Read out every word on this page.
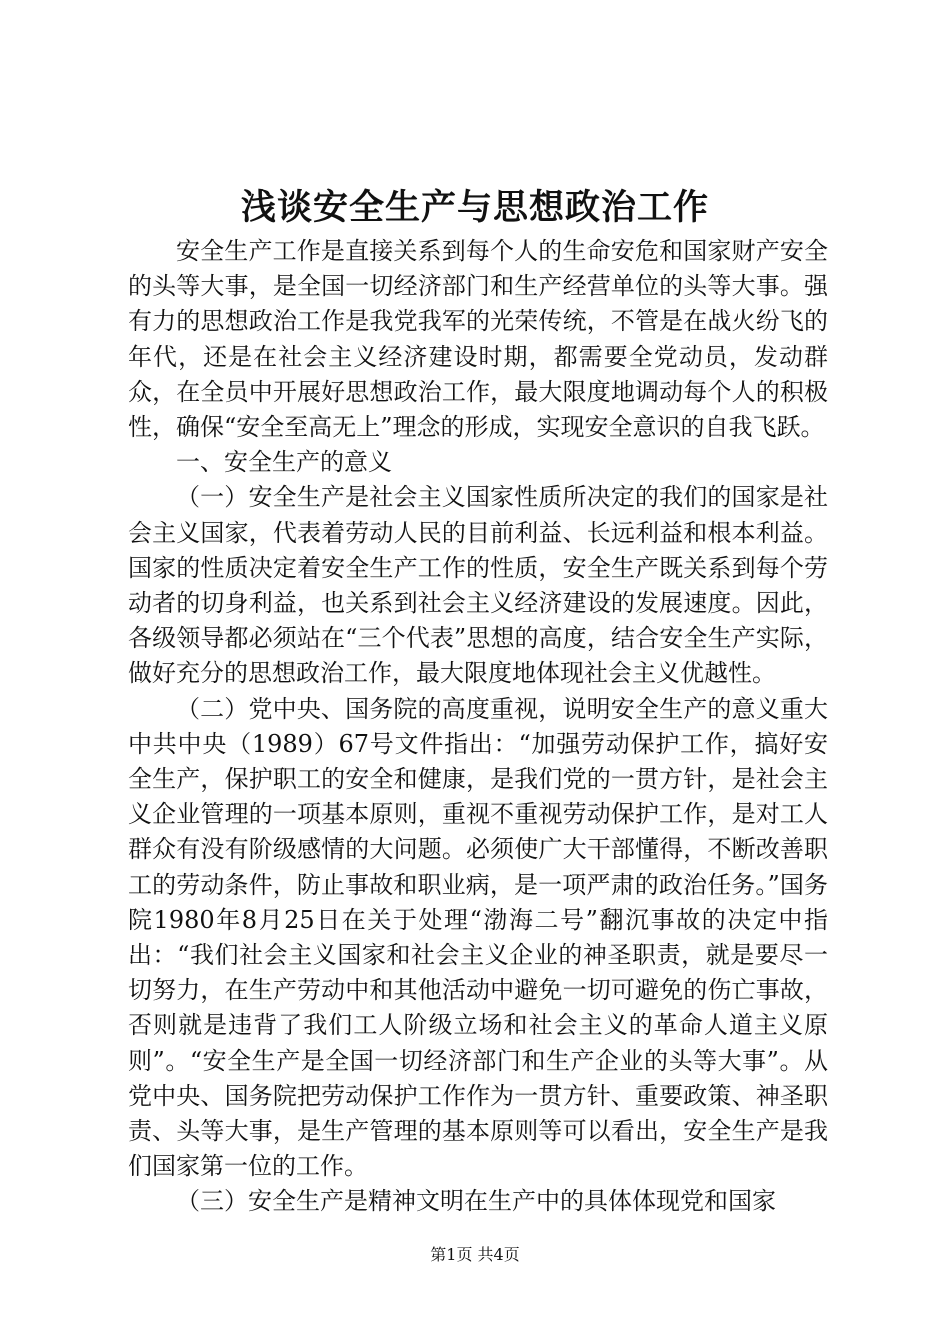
浅谈安全生产与思想政治工作

安全生产工作是直接关系到每个人的生命安危和国家财产安全的头等大事，是全国一切经济部门和生产经营单位的头等大事。强有力的思想政治工作是我党我军的光荣传统，不管是在战火纷飞的年代，还是在社会主义经济建设时期，都需要全党动员，发动群众，在全员中开展好思想政治工作，最大限度地调动每个人的积极性，确保“安全至高无上”理念的形成，实现安全意识的自我飞跃。

一、安全生产的意义

（一）安全生产是社会主义国家性质所决定的我们的国家是社会主义国家，代表着劳动人民的目前利益、长远利益和根本利益。国家的性质决定着安全生产工作的性质，安全生产既关系到每个劳动者的切身利益，也关系到社会主义经济建设的发展速度。因此，各级领导都必须站在“三个代表”思想的高度，结合安全生产实际，做好充分的思想政治工作，最大限度地体现社会主义优越性。

（二）党中央、国务院的高度重视，说明安全生产的意义重大中共中央（1989）67号文件指出：“加强劳动保护工作，搞好安全生产，保护职工的安全和健康，是我们党的一贯方针，是社会主义企业管理的一项基本原则，重视不重视劳动保护工作，是对工人群众有没有阶级感情的大问题。必须使广大干部懂得，不断改善职工的劳动条件，防止事故和职业病，是一项严肃的政治任务。”国务院1980年8月25日在关于处理“渤海二号”翻沉事故的决定中指出：“我们社会主义国家和社会主义企业的神圣职责，就是要尽一切努力，在生产劳动中和其他活动中避免一切可避免的伤亡事故，否则就是违背了我们工人阶级立场和社会主义的革命人道主义原则”。“安全生产是全国一切经济部门和生产企业的头等大事”。从党中央、国务院把劳动保护工作作为一贯方针、重要政策、神圣职责、头等大事，是生产管理的基本原则等可以看出，安全生产是我们国家第一位的工作。

（三）安全生产是精神文明在生产中的具体体现党和国家

第1页 共4页
